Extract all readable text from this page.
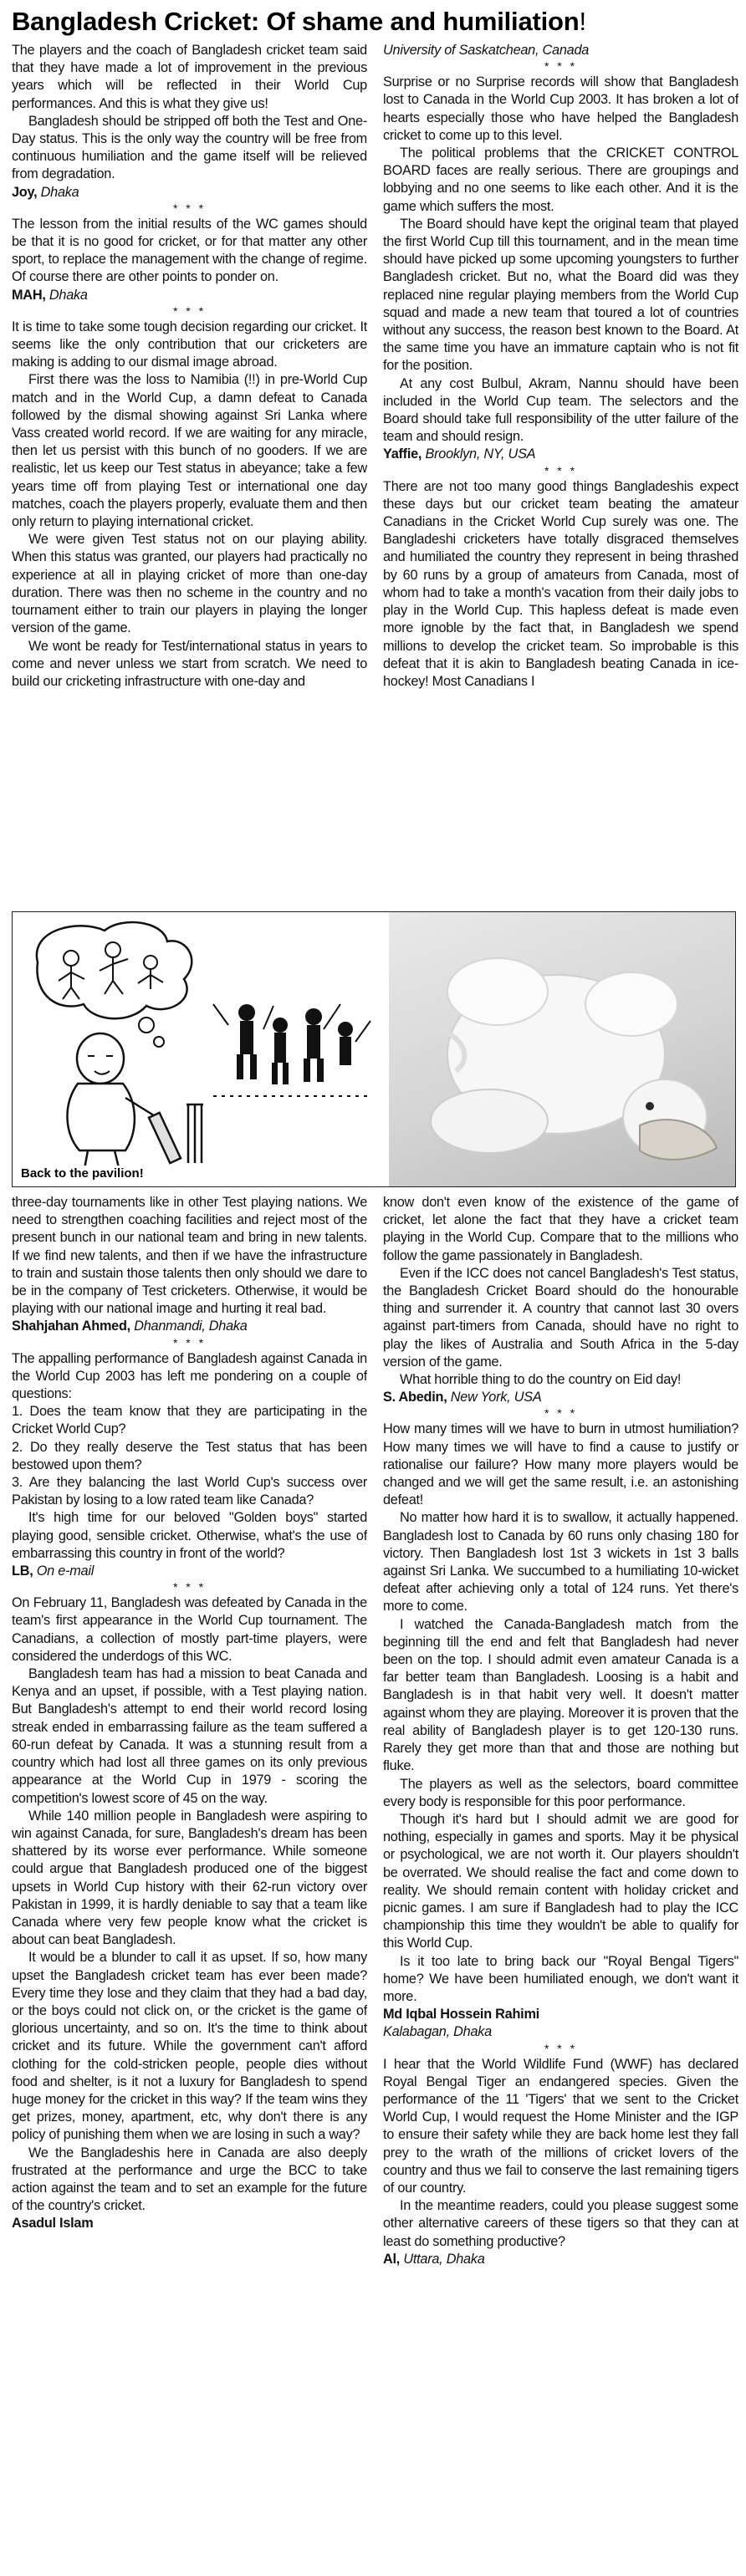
Bangladesh Cricket: Of shame and humiliation!

The players and the coach of Bangladesh cricket team said that they have made a lot of improvement in the previous years which will be reflected in their World Cup performances. And this is what they give us!

Bangladesh should be stripped off both the Test and One-Day status. This is the only way the country will be free from continuous humiliation and the game itself will be relieved from degradation.

Joy, Dhaka

* * *

The lesson from the initial results of the WC games should be that it is no good for cricket, or for that matter any other sport, to replace the management with the change of regime. Of course there are other points to ponder on.

MAH, Dhaka

* * *

It is time to take some tough decision regarding our cricket. It seems like the only contribution that our cricketers are making is adding to our dismal image abroad.

First there was the loss to Namibia (!!) in pre-World Cup match and in the World Cup, a damn defeat to Canada followed by the dismal showing against Sri Lanka where Vass created world record. If we are waiting for any miracle, then let us persist with this bunch of no gooders. If we are realistic, let us keep our Test status in abeyance; take a few years time off from playing Test or international one day matches, coach the players properly, evaluate them and then only return to playing international cricket.

We were given Test status not on our playing ability. When this status was granted, our players had practically no experience at all in playing cricket of more than one-day duration. There was then no scheme in the country and no tournament either to train our players in playing the longer version of the game.

We wont be ready for Test/international status in years to come and never unless we start from scratch. We need to build our cricketing infrastructure with one-day and

University of Saskatchean, Canada

* * *

Surprise or no Surprise records will show that Bangladesh lost to Canada in the World Cup 2003. It has broken a lot of hearts especially those who have helped the Bangladesh cricket to come up to this level.

The political problems that the CRICKET CONTROL BOARD faces are really serious. There are groupings and lobbying and no one seems to like each other. And it is the game which suffers the most.

The Board should have kept the original team that played the first World Cup till this tournament, and in the mean time should have picked up some upcoming youngsters to further Bangladesh cricket. But no, what the Board did was they replaced nine regular playing members from the World Cup squad and made a new team that toured a lot of countries without any success, the reason best known to the Board. At the same time you have an immature captain who is not fit for the position.

At any cost Bulbul, Akram, Nannu should have been included in the World Cup team. The selectors and the Board should take full responsibility of the utter failure of the team and should resign.

Yaffie, Brooklyn, NY, USA

* * *

There are not too many good things Bangladeshis expect these days but our cricket team beating the amateur Canadians in the Cricket World Cup surely was one. The Bangladeshi cricketers have totally disgraced themselves and humiliated the country they represent in being thrashed by 60 runs by a group of amateurs from Canada, most of whom had to take a month's vacation from their daily jobs to play in the World Cup. This hapless defeat is made even more ignoble by the fact that, in Bangladesh we spend millions to develop the cricket team. So improbable is this defeat that it is akin to Bangladesh beating Canada in ice-hockey! Most Canadians I

Back to the pavilion!

three-day tournaments like in other Test playing nations. We need to strengthen coaching facilities and reject most of the present bunch in our national team and bring in new talents. If we find new talents, and then if we have the infrastructure to train and sustain those talents then only should we dare to be in the company of Test cricketers. Otherwise, it would be playing with our national image and hurting it real bad.

Shahjahan Ahmed, Dhanmandi, Dhaka

* * *

The appalling performance of Bangladesh against Canada in the World Cup 2003 has left me pondering on a couple of questions:

1. Does the team know that they are participating in the Cricket World Cup?

2. Do they really deserve the Test status that has been bestowed upon them?

3. Are they balancing the last World Cup's success over Pakistan by losing to a low rated team like Canada?

It's high time for our beloved "Golden boys" started playing good, sensible cricket. Otherwise, what's the use of embarrassing this country in front of the world?

LB, On e-mail

* * *

On February 11, Bangladesh was defeated by Canada in the team's first appearance in the World Cup tournament. The Canadians, a collection of mostly part-time players, were considered the underdogs of this WC.

Bangladesh team has had a mission to beat Canada and Kenya and an upset, if possible, with a Test playing nation. But Bangladesh's attempt to end their world record losing streak ended in embarrassing failure as the team suffered a 60-run defeat by Canada. It was a stunning result from a country which had lost all three games on its only previous appearance at the World Cup in 1979 - scoring the competition's lowest score of 45 on the way.

While 140 million people in Bangladesh were aspiring to win against Canada, for sure, Bangladesh's dream has been shattered by its worse ever performance. While someone could argue that Bangladesh produced one of the biggest upsets in World Cup history with their 62-run victory over Pakistan in 1999, it is hardly deniable to say that a team like Canada where very few people know what the cricket is about can beat Bangladesh.

It would be a blunder to call it as upset. If so, how many upset the Bangladesh cricket team has ever been made? Every time they lose and they claim that they had a bad day, or the boys could not click on, or the cricket is the game of glorious uncertainty, and so on. It's the time to think about cricket and its future. While the government can't afford clothing for the cold-stricken people, people dies without food and shelter, is it not a luxury for Bangladesh to spend huge money for the cricket in this way? If the team wins they get prizes, money, apartment, etc, why don't there is any policy of punishing them when we are losing in such a way?

We the Bangladeshis here in Canada are also deeply frustrated at the performance and urge the BCC to take action against the team and to set an example for the future of the country's cricket.

Asadul Islam

know don't even know of the existence of the game of cricket, let alone the fact that they have a cricket team playing in the World Cup. Compare that to the millions who follow the game passionately in Bangladesh.

Even if the ICC does not cancel Bangladesh's Test status, the Bangladesh Cricket Board should do the honourable thing and surrender it. A country that cannot last 30 overs against part-timers from Canada, should have no right to play the likes of Australia and South Africa in the 5-day version of the game.

What horrible thing to do the country on Eid day!

S. Abedin, New York, USA

* * *

How many times will we have to burn in utmost humiliation? How many times we will have to find a cause to justify or rationalise our failure? How many more players would be changed and we will get the same result, i.e. an astonishing defeat!

No matter how hard it is to swallow, it actually happened. Bangladesh lost to Canada by 60 runs only chasing 180 for victory. Then Bangladesh lost 1st 3 wickets in 1st 3 balls against Sri Lanka. We succumbed to a humiliating 10-wicket defeat after achieving only a total of 124 runs. Yet there's more to come.

I watched the Canada-Bangladesh match from the beginning till the end and felt that Bangladesh had never been on the top. I should admit even amateur Canada is a far better team than Bangladesh. Loosing is a habit and Bangladesh is in that habit very well. It doesn't matter against whom they are playing. Moreover it is proven that the real ability of Bangladesh player is to get 120-130 runs. Rarely they get more than that and those are nothing but fluke.

The players as well as the selectors, board committee every body is responsible for this poor performance.

Though it's hard but I should admit we are good for nothing, especially in games and sports. May it be physical or psychological, we are not worth it. Our players shouldn't be overrated. We should realise the fact and come down to reality. We should remain content with holiday cricket and picnic games. I am sure if Bangladesh had to play the ICC championship this time they wouldn't be able to qualify for this World Cup.

Is it too late to bring back our "Royal Bengal Tigers" home? We have been humiliated enough, we don't want it more.

Md Iqbal Hossein Rahimi

Kalabagan, Dhaka

* * *

I hear that the World Wildlife Fund (WWF) has declared Royal Bengal Tiger an endangered species. Given the performance of the 11 'Tigers' that we sent to the Cricket World Cup, I would request the Home Minister and the IGP to ensure their safety while they are back home lest they fall prey to the wrath of the millions of cricket lovers of the country and thus we fail to conserve the last remaining tigers of our country.

In the meantime readers, could you please suggest some other alternative careers of these tigers so that they can at least do something productive?

Al, Uttara, Dhaka
